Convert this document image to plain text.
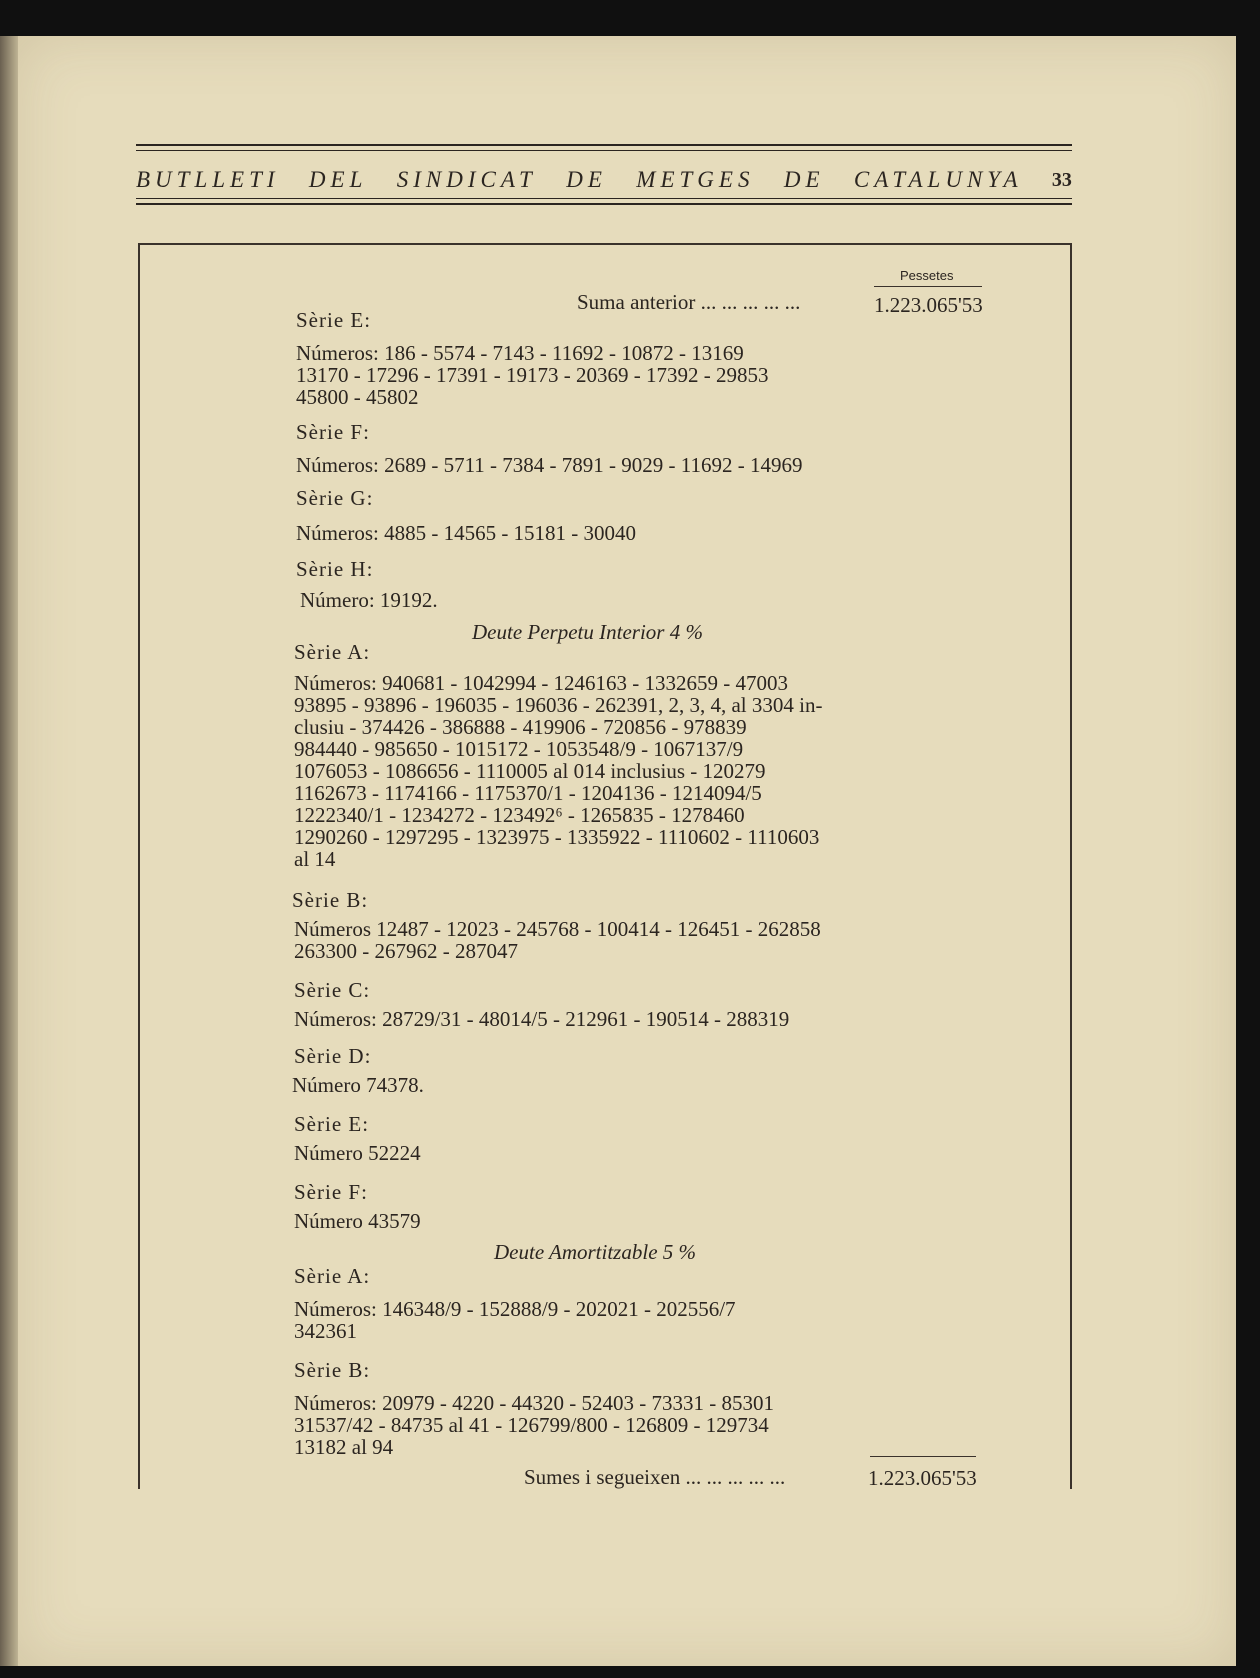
BUTLLETI DEL SINDICAT DE METGES DE CATALUNYA 33
Pessetes
Suma anterior ... ... ... ... ...	1.223.065'53
Sèrie E:
Números: 186 - 5574 - 7143 - 11692 - 10872 - 13169
13170 - 17296 - 17391 - 19173 - 20369 - 17392 - 29853
45800 - 45802
Sèrie F:
Números: 2689 - 5711 - 7384 - 7891 - 9029 - 11692 - 14969
Sèrie G:
Números: 4885 - 14565 - 15181 - 30040
Sèrie H:
Número: 19192.
Deute Perpetu Interior 4 %
Sèrie A:
Números: 940681 - 1042994 - 1246163 - 1332659 - 47003
93895 - 93896 - 196035 - 196036 - 262391, 2, 3, 4, al 3304 in-
clusiu - 374426 - 386888 - 419906 - 720856 - 978839
984440 - 985650 - 1015172 - 1053548/9 - 1067137/9
1076053 - 1086656 - 1110005 al 014 inclusius - 120279
1162673 - 1174166 - 1175370/1 - 1204136 - 1214094/5
1222340/1 - 1234272 - 123492⁶ - 1265835 - 1278460
1290260 - 1297295 - 1323975 - 1335922 - 1110602 - 1110603
al 14
Sèrie B:
Números 12487 - 12023 - 245768 - 100414 - 126451 - 262858
263300 - 267962 - 287047
Sèrie C:
Números: 28729/31 - 48014/5 - 212961 - 190514 - 288319
Sèrie D:
Número 74378.
Sèrie E:
Número 52224
Sèrie F:
Número 43579
Deute Amortitzable 5 %
Sèrie A:
Números: 146348/9 - 152888/9 - 202021 - 202556/7
342361
Sèrie B:
Números: 20979 - 4220 - 44320 - 52403 - 73331 - 85301
31537/42 - 84735 al 41 - 126799/800 - 126809 - 129734
13182 al 94
Sumes i segueixen ... ... ... ... ...	1.223.065'53
